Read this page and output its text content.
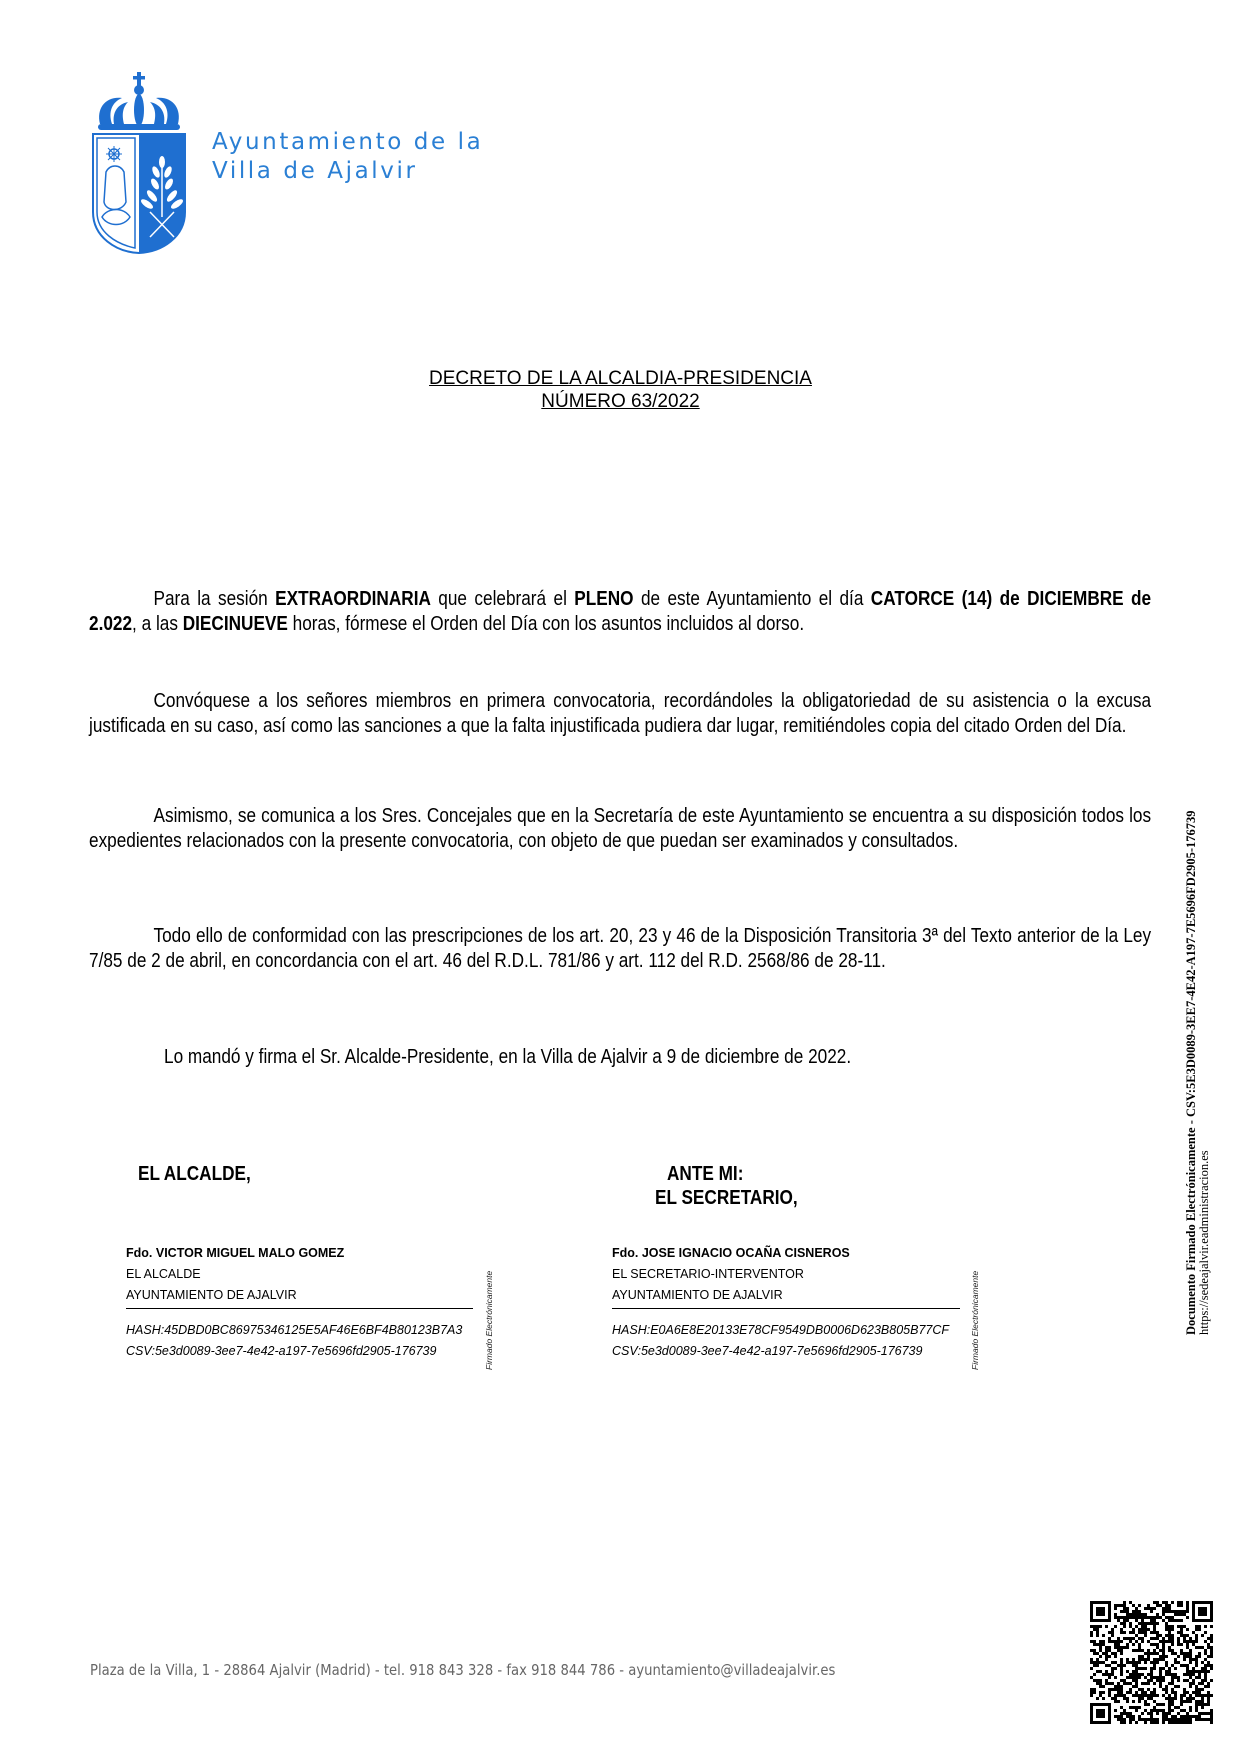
Ayuntamiento de la
Villa de Ajalvir
DECRETO DE LA ALCALDIA-PRESIDENCIA
NÚMERO 63/2022
Para la sesión EXTRAORDINARIA que celebrará el PLENO de este Ayuntamiento el día CATORCE (14) de DICIEMBRE de 2.022, a las DIECINUEVE horas, fórmese el Orden del Día con los asuntos incluidos al dorso.
Convóquese a los señores miembros en primera convocatoria, recordándoles la obligatoriedad de su asistencia o la excusa justificada en su caso, así como las sanciones a que la falta injustificada pudiera dar lugar, remitiéndoles copia del citado Orden del Día.
Asimismo, se comunica a los Sres. Concejales que en la Secretaría de este Ayuntamiento se encuentra a su disposición todos los expedientes relacionados con la presente convocatoria, con objeto de que puedan ser examinados y consultados.
Todo ello de conformidad con las prescripciones de los art. 20, 23 y 46 de la Disposición Transitoria 3ª del Texto anterior de la Ley 7/85 de 2 de abril, en concordancia con el art. 46 del R.D.L. 781/86 y art. 112 del R.D. 2568/86 de 28-11.
Lo mandó y firma el Sr. Alcalde-Presidente, en la Villa de Ajalvir a 9 de diciembre de 2022.
EL ALCALDE,	ANTE MI:
EL SECRETARIO,
Fdo. VICTOR MIGUEL MALO GOMEZ
EL ALCALDE
AYUNTAMIENTO DE AJALVIR
HASH:45DBD0BC86975346125E5AF46E6BF4B80123B7A3
CSV:5e3d0089-3ee7-4e42-a197-7e5696fd2905-176739	Firmado Electrónicamente
Fdo. JOSE IGNACIO OCAÑA CISNEROS
EL SECRETARIO-INTERVENTOR
AYUNTAMIENTO DE AJALVIR
HASH:E0A6E8E20133E78CF9549DB0006D623B805B77CF
CSV:5e3d0089-3ee7-4e42-a197-7e5696fd2905-176739	Firmado Electrónicamente	Documento Firmado Electrónicamente - CSV:5E3D0089-3EE7-4E42-A197-7E5696FD2905-176739 https://sedeajalvir.eadministracion.es
Plaza de la Villa, 1 - 28864 Ajalvir (Madrid) - tel. 918 843 328 - fax 918 844 786 - ayuntamiento@villadeajalvir.es
